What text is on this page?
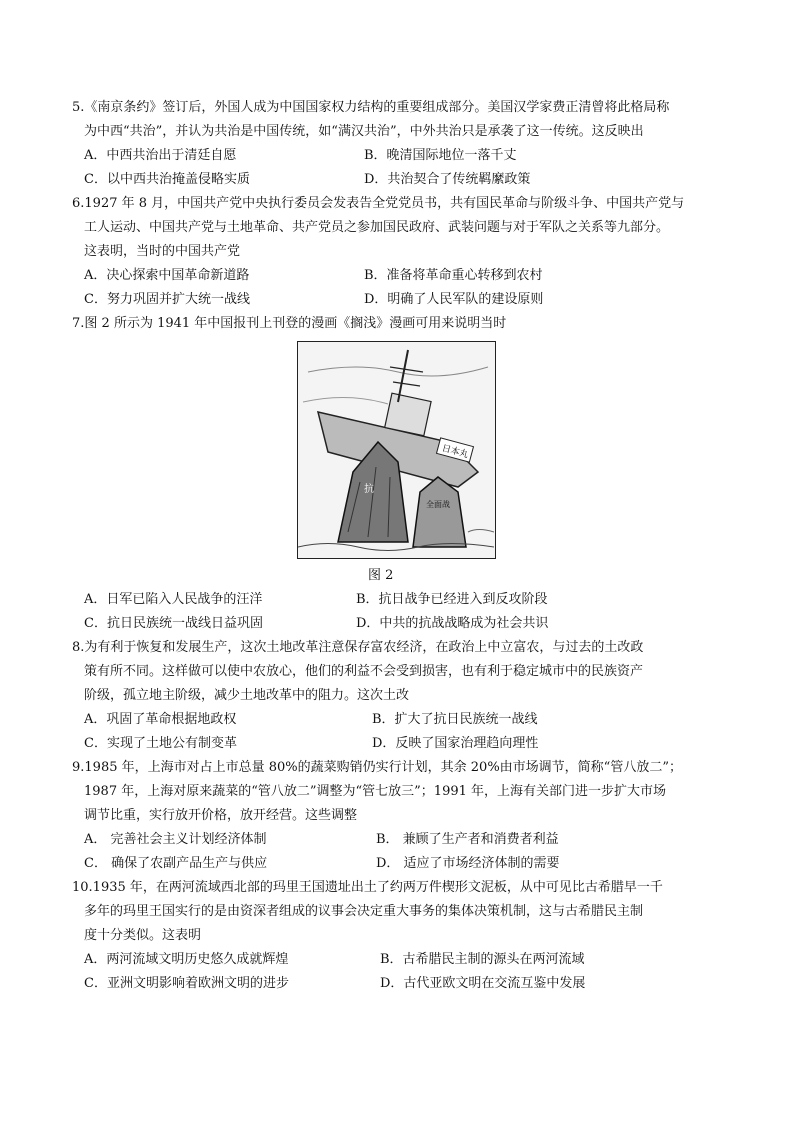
5.《南京条约》签订后，外国人成为中国国家权力结构的重要组成部分。美国汉学家费正清曾将此格局称
为中西“共治”，并认为共治是中国传统，如“满汉共治”，中外共治只是承袭了这一传统。这反映出
A．中西共治出于清廷自愿	B．晚清国际地位一落千丈
C．以中西共治掩盖侵略实质	D．共治契合了传统羁縻政策
6.1927 年 8 月，中国共产党中央执行委员会发表告全党党员书，共有国民革命与阶级斗争、中国共产党与
工人运动、中国共产党与土地革命、共产党员之参加国民政府、武装问题与对于军队之关系等九部分。
这表明，当时的中国共产党
A．决心探索中国革命新道路	B．准备将革命重心转移到农村
C．努力巩固并扩大统一战线	D．明确了人民军队的建设原则
7.图 2 所示为 1941 年中国报刊上刊登的漫画《搁浅》漫画可用来说明当时
日本丸
抗
全面战
图 2
A．日军已陷入人民战争的汪洋	B．抗日战争已经进入到反攻阶段
C．抗日民族统一战线日益巩固	D．中共的抗战战略成为社会共识
8.为有利于恢复和发展生产，这次土地改革注意保存富农经济，在政治上中立富农，与过去的土改政
策有所不同。这样做可以使中农放心，他们的利益不会受到损害，也有利于稳定城市中的民族资产
阶级，孤立地主阶级，减少土地改革中的阻力。这次土改
A．巩固了革命根据地政权	B．扩大了抗日民族统一战线
C．实现了土地公有制变革	D．反映了国家治理趋向理性
9.1985 年，上海市对占上市总量 80%的蔬菜购销仍实行计划，其余 20%由市场调节，简称“管八放二”；
1987 年，上海对原来蔬菜的“管八放二”调整为“管七放三”；1991 年，上海有关部门进一步扩大市场
调节比重，实行放开价格，放开经营。这些调整
A． 完善社会主义计划经济体制	B． 兼顾了生产者和消费者利益
C． 确保了农副产品生产与供应	D． 适应了市场经济体制的需要
10.1935 年，在两河流域西北部的玛里王国遗址出土了约两万件楔形文泥板，从中可见比古希腊早一千
多年的玛里王国实行的是由资深者组成的议事会决定重大事务的集体决策机制，这与古希腊民主制
度十分类似。这表明
A．两河流域文明历史悠久成就辉煌	B．古希腊民主制的源头在两河流域
C．亚洲文明影响着欧洲文明的进步	D．古代亚欧文明在交流互鉴中发展
